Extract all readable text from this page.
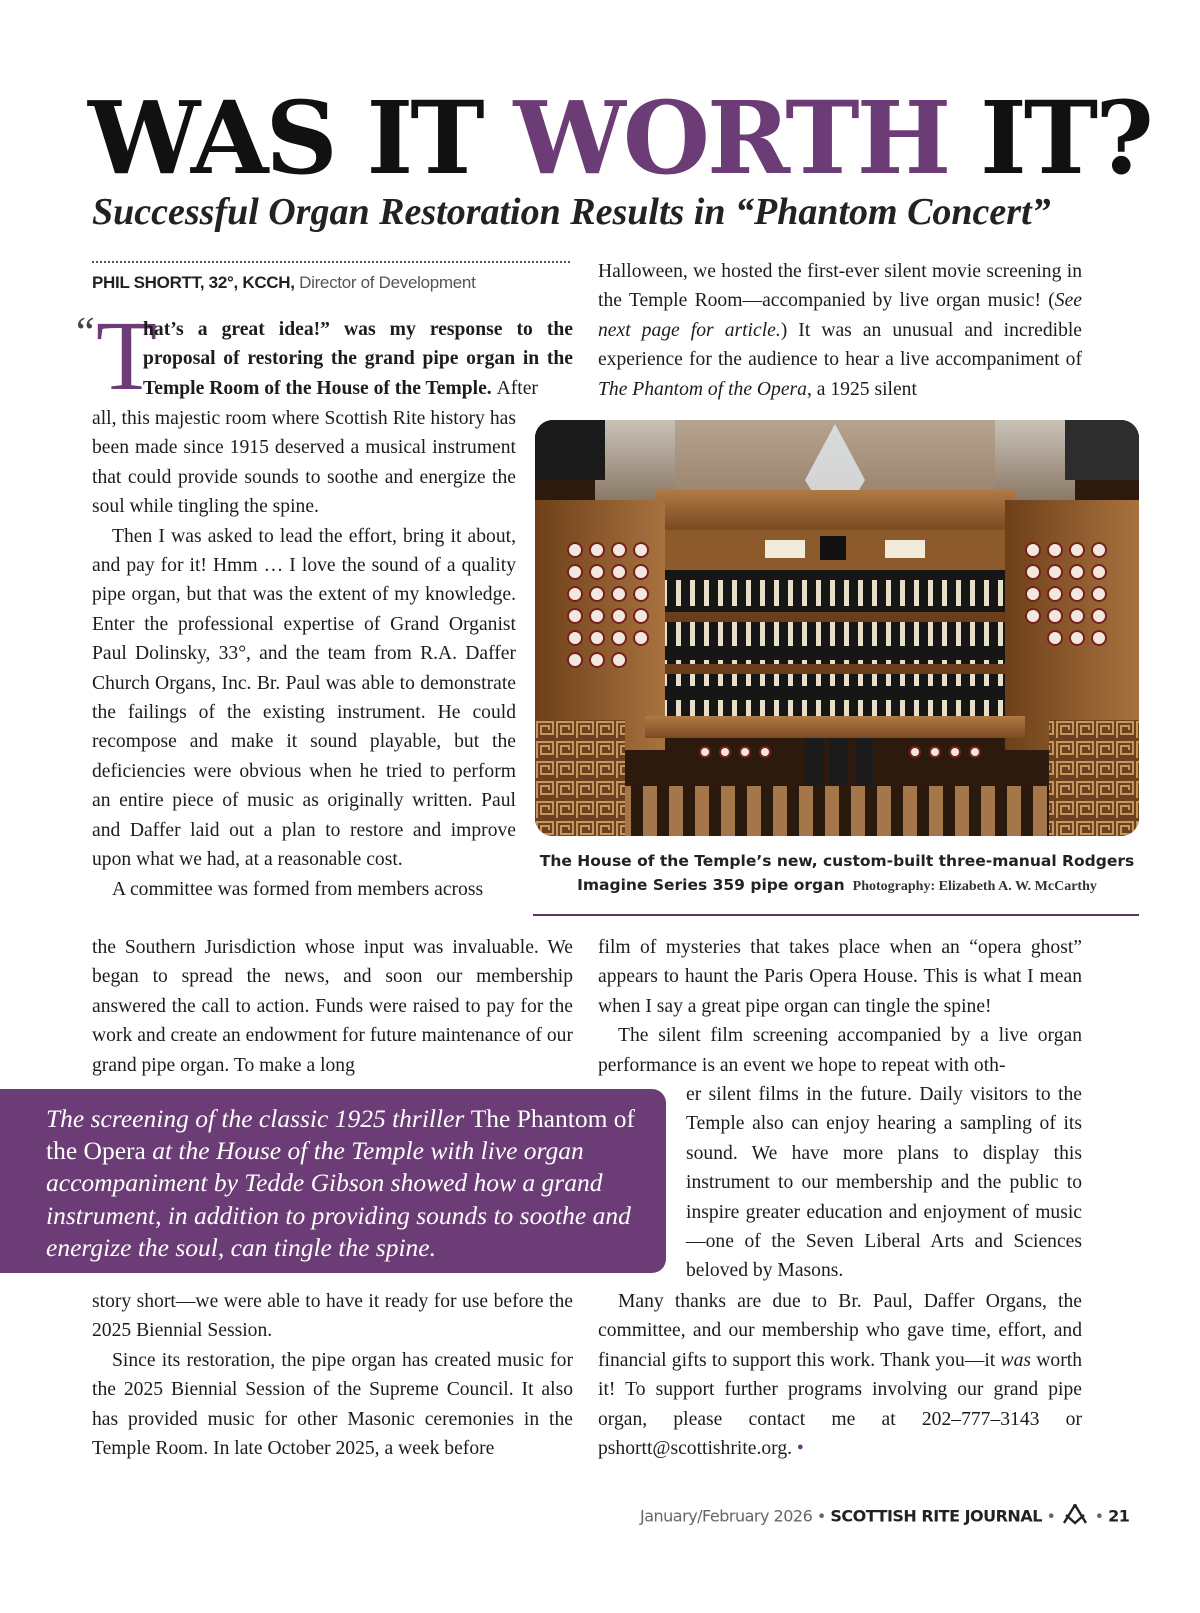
WAS IT WORTH IT?
Successful Organ Restoration Results in “Phantom Concert”
PHIL SHORTT, 32°, KCCH, Director of Development
“ T

hat’s a great idea!” was my response to the proposal of restoring the grand pipe organ in the Temple Room of the House of the Temple. After

all, this majestic room where Scottish Rite history has been made since 1915 deserved a musical instrument that could provide sounds to soothe and energize the soul while tingling the spine.

Then I was asked to lead the effort, bring it about, and pay for it! Hmm … I love the sound of a quality pipe organ, but that was the extent of my knowledge. Enter the professional expertise of Grand Organist Paul Dolinsky, 33°, and the team from R.A. Daffer Church Organs, Inc. Br. Paul was able to demonstrate the failings of the existing instrument. He could recompose and make it sound playable, but the deficiencies were obvious when he tried to perform an entire piece of music as originally written. Paul and Daffer laid out a plan to restore and improve upon what we had, at a reasonable cost.

A committee was formed from members across

the Southern Jurisdiction whose input was invaluable. We began to spread the news, and soon our membership answered the call to action. Funds were raised to pay for the work and create an endowment for future maintenance of our grand pipe organ. To make a long

Halloween, we hosted the first-ever silent movie screening in the Temple Room—accompanied by live organ music! (See next page for article.) It was an unusual and incredible experience for the audience to hear a live accompaniment of The Phantom of the Opera, a 1925 silent

The House of the Temple’s new, custom-built three-manual Rodgers Imagine Series 359 pipe organ Photography: Elizabeth A. W. McCarthy

film of mysteries that takes place when an “opera ghost” appears to haunt the Paris Opera House. This is what I mean when I say a great pipe organ can tingle the spine!

The silent film screening accompanied by a live organ performance is an event we hope to repeat with oth-

The screening of the classic 1925 thriller The Phantom of the Opera at the House of the Temple with live organ accompaniment by Tedde Gibson showed how a grand instrument, in addition to providing sounds to soothe and energize the soul, can tingle the spine.

er silent films in the future. Daily visitors to the Temple also can enjoy hearing a sampling of its sound. We have more plans to display this instrument to our membership and the public to inspire greater education and enjoyment of music—one of the Seven Liberal Arts and Sciences beloved by Masons.

story short—we were able to have it ready for use before the 2025 Biennial Session.

Since its restoration, the pipe organ has created music for the 2025 Biennial Session of the Supreme Council. It also has provided music for other Masonic ceremonies in the Temple Room. In late October 2025, a week before

Many thanks are due to Br. Paul, Daffer Organs, the committee, and our membership who gave time, effort, and financial gifts to support this work. Thank you—it was worth it! To support further programs involving our grand pipe organ, please contact me at 202–777–3143 or pshortt@scottishrite.org. •

January/February 2026 • SCOTTISH RITE JOURNAL • • 21
